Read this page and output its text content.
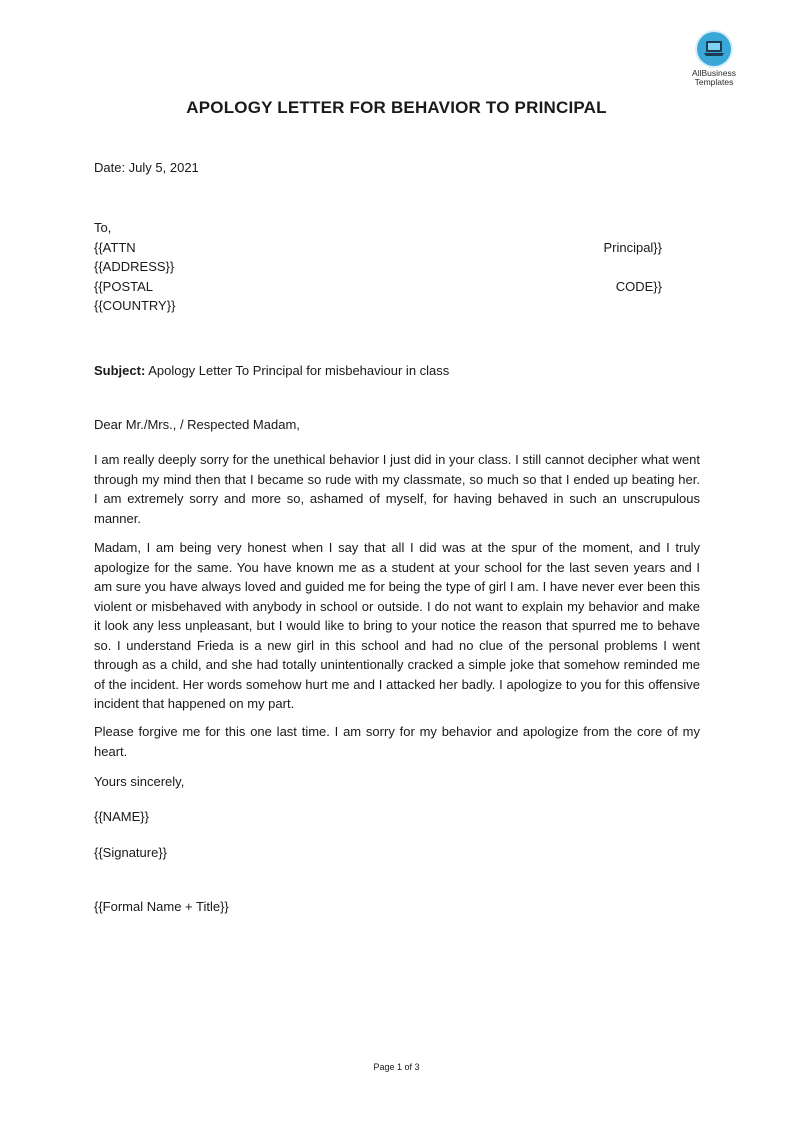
AllBusiness
Templates
APOLOGY LETTER FOR BEHAVIOR TO PRINCIPAL
Date: July 5, 2021
To,
{{ATTN	Principal}}
{{ADDRESS}}
{{POSTAL	CODE}}
{{COUNTRY}}
Subject: Apology Letter To Principal for misbehaviour in class
Dear Mr./Mrs., / Respected Madam,

I am really deeply sorry for the unethical behavior I just did in your class. I still cannot decipher what went through my mind then that I became so rude with my classmate, so much so that I ended up beating her. I am extremely sorry and more so, ashamed of myself, for having behaved in such an unscrupulous manner.

Madam, I am being very honest when I say that all I did was at the spur of the moment, and I truly apologize for the same. You have known me as a student at your school for the last seven years and I am sure you have always loved and guided me for being the type of girl I am. I have never ever been this violent or misbehaved with anybody in school or outside. I do not want to explain my behavior and make it look any less unpleasant, but I would like to bring to your notice the reason that spurred me to behave so. I understand Frieda is a new girl in this school and had no clue of the personal problems I went through as a child, and she had totally unintentionally cracked a simple joke that somehow reminded me of the incident. Her words somehow hurt me and I attacked her badly. I apologize to you for this offensive incident that happened on my part.

Please forgive me for this one last time. I am sorry for my behavior and apologize from the core of my heart.

Yours sincerely,
{{NAME}}
{{Signature}}
{{Formal Name + Title}}
Page 1 of 3
